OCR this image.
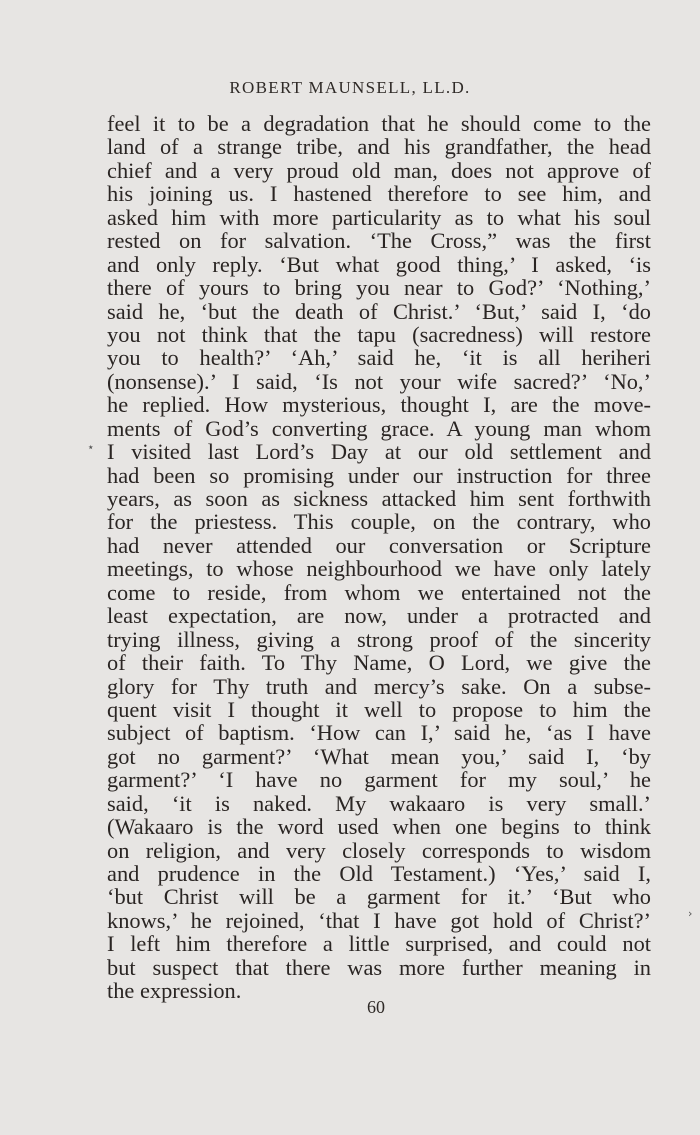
ROBERT MAUNSELL, LL.D.
feel it to be a degradation that he should come to the
land of a strange tribe, and his grandfather, the head
chief and a very proud old man, does not approve of
his joining us. I hastened therefore to see him, and
asked him with more particularity as to what his soul
rested on for salvation. ‘The Cross,” was the first
and only reply. ‘But what good thing,’ I asked, ‘is
there of yours to bring you near to God?’ ‘Nothing,’
said he, ‘but the death of Christ.’ ‘But,’ said I, ‘do
you not think that the tapu (sacredness) will restore
you to health?’ ‘Ah,’ said he, ‘it is all heriheri
(nonsense).’ I said, ‘Is not your wife sacred?’ ‘No,’
he replied. How mysterious, thought I, are the move-
ments of God’s converting grace. A young man whom
I visited last Lord’s Day at our old settlement and
had been so promising under our instruction for three
years, as soon as sickness attacked him sent forthwith
for the priestess. This couple, on the contrary, who
had never attended our conversation or Scripture
meetings, to whose neighbourhood we have only lately
come to reside, from whom we entertained not the
least expectation, are now, under a protracted and
trying illness, giving a strong proof of the sincerity
of their faith. To Thy Name, O Lord, we give the
glory for Thy truth and mercy’s sake. On a subse-
quent visit I thought it well to propose to him the
subject of baptism. ‘How can I,’ said he, ‘as I have
got no garment?’ ‘What mean you,’ said I, ‘by
garment?’ ‘I have no garment for my soul,’ he
said, ‘it is naked. My wakaaro is very small.’
(Wakaaro is the word used when one begins to think
on religion, and very closely corresponds to wisdom
and prudence in the Old Testament.) ‘Yes,’ said I,
‘but Christ will be a garment for it.’ ‘But who
knows,’ he rejoined, ‘that I have got hold of Christ?’
I left him therefore a little surprised, and could not
but suspect that there was more further meaning in
the expression.
60
⋆
›
